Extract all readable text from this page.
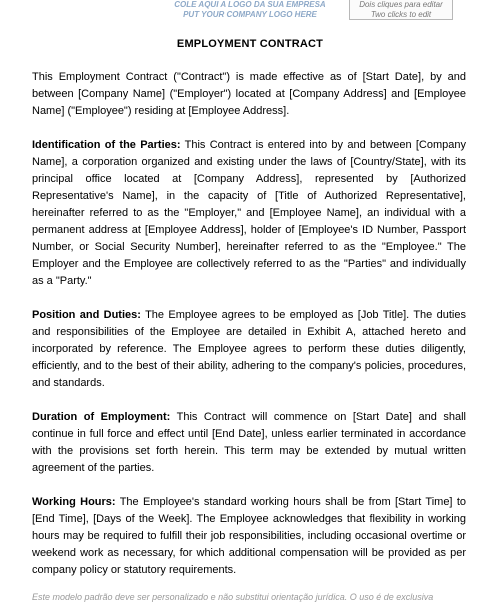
COLE AQUI A LOGO DA SUA EMPRESA
PUT YOUR COMPANY LOGO HERE
Dois cliques para editar
Two clicks to edit
EMPLOYMENT CONTRACT

This Employment Contract ("Contract") is made effective as of [Start Date], by and between [Company Name] ("Employer") located at [Company Address] and [Employee Name] ("Employee") residing at [Employee Address].

Identification of the Parties: This Contract is entered into by and between [Company Name], a corporation organized and existing under the laws of [Country/State], with its principal office located at [Company Address], represented by [Authorized Representative's Name], in the capacity of [Title of Authorized Representative], hereinafter referred to as the "Employer," and [Employee Name], an individual with a permanent address at [Employee Address], holder of [Employee's ID Number, Passport Number, or Social Security Number], hereinafter referred to as the "Employee." The Employer and the Employee are collectively referred to as the "Parties" and individually as a "Party."

Position and Duties: The Employee agrees to be employed as [Job Title]. The duties and responsibilities of the Employee are detailed in Exhibit A, attached hereto and incorporated by reference. The Employee agrees to perform these duties diligently, efficiently, and to the best of their ability, adhering to the company's policies, procedures, and standards.

Duration of Employment: This Contract will commence on [Start Date] and shall continue in full force and effect until [End Date], unless earlier terminated in accordance with the provisions set forth herein. This term may be extended by mutual written agreement of the parties.

Working Hours: The Employee's standard working hours shall be from [Start Time] to [End Time], [Days of the Week]. The Employee acknowledges that flexibility in working hours may be required to fulfill their job responsibilities, including occasional overtime or weekend work as necessary, for which additional compensation will be provided as per company policy or statutory requirements.

Este modelo padrão deve ser personalizado e não substitui orientação jurídica. O uso é de exclusiva
